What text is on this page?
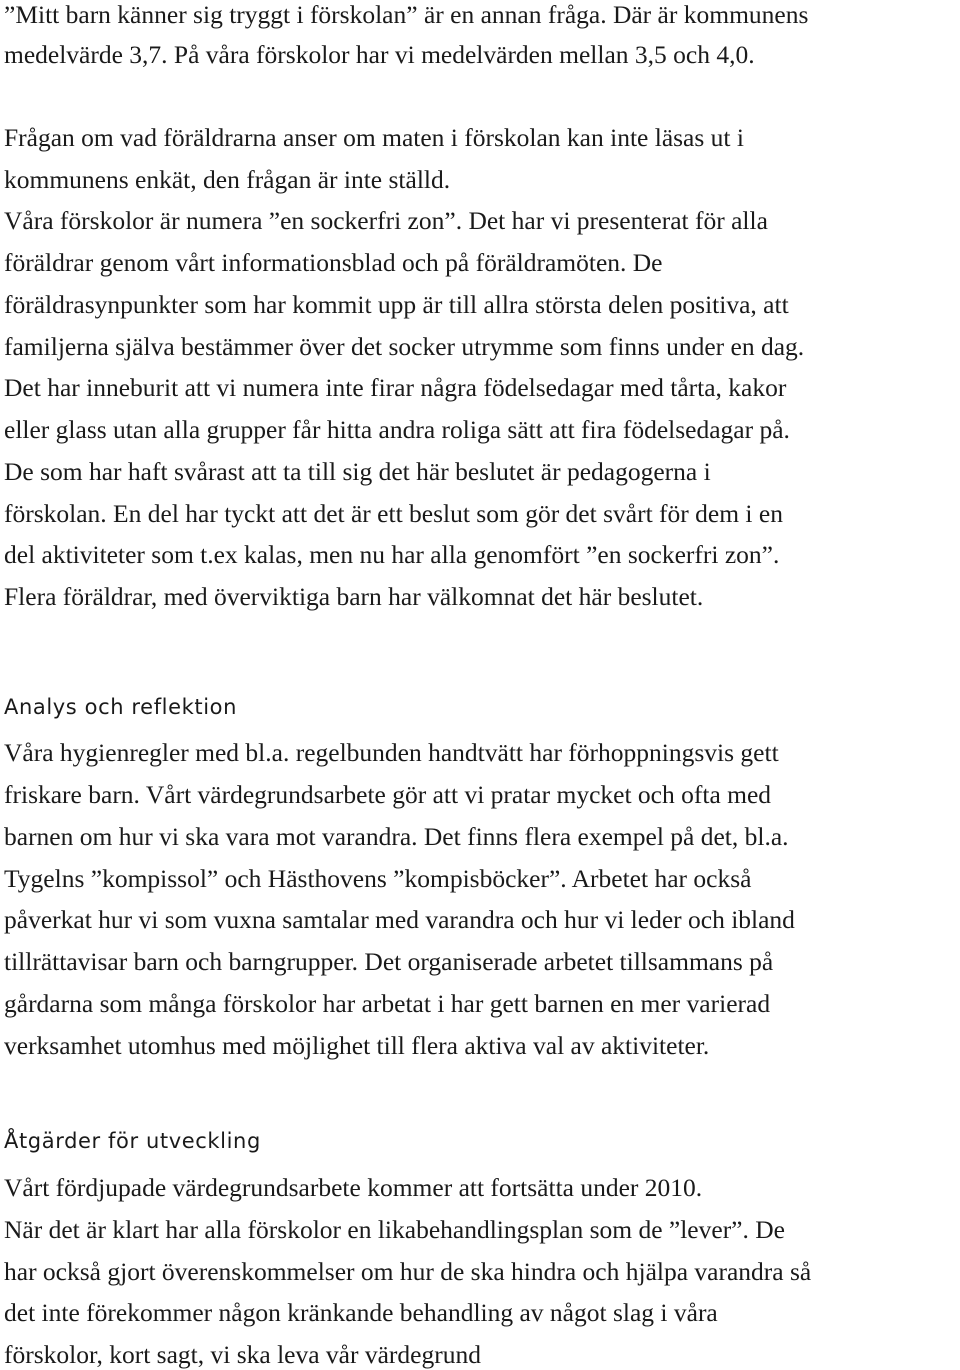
”Mitt barn känner sig tryggt i förskolan” är en annan fråga. Där är kommunens
medelvärde 3,7. På våra förskolor har vi medelvärden mellan 3,5 och 4,0.
Frågan om vad föräldrarna anser om maten i förskolan kan inte läsas ut i
kommunens enkät, den frågan är inte ställd.
Våra förskolor är numera ”en sockerfri zon”. Det har vi presenterat för alla
föräldrar genom vårt informationsblad och på föräldramöten. De
föräldrasynpunkter som har kommit upp är till allra största delen positiva, att
familjerna själva bestämmer över det socker utrymme som finns under en dag.
Det har inneburit att vi numera inte firar några födelsedagar med tårta, kakor
eller glass utan alla grupper får hitta andra roliga sätt att fira födelsedagar på.
De som har haft svårast att ta till sig det här beslutet är pedagogerna i
förskolan. En del har tyckt att det är ett beslut som gör det svårt för dem i en
del aktiviteter som t.ex kalas, men nu har alla genomfört ”en sockerfri zon”.
Flera föräldrar, med överviktiga barn har välkomnat det här beslutet.
Analys och reflektion
Våra hygienregler med bl.a. regelbunden handtvätt har förhoppningsvis gett
friskare barn. Vårt värdegrundsarbete gör att vi pratar mycket och ofta med
barnen om hur vi ska vara mot varandra. Det finns flera exempel på det, bl.a.
Tygelns ”kompissol” och Hästhovens ”kompisböcker”. Arbetet har också
påverkat hur vi som vuxna samtalar med varandra och hur vi leder och ibland
tillrättavisar barn och barngrupper. Det organiserade arbetet tillsammans på
gårdarna som många förskolor har arbetat i har gett barnen en mer varierad
verksamhet utomhus med möjlighet till flera aktiva val av aktiviteter.
Åtgärder för utveckling
Vårt fördjupade värdegrundsarbete kommer att fortsätta under 2010.
När det är klart har alla förskolor en likabehandlingsplan som de ”lever”. De
har också gjort överenskommelser om hur de ska hindra och hjälpa varandra så
det inte förekommer någon kränkande behandling av något slag i våra
förskolor, kort sagt, vi ska leva vår värdegrund
